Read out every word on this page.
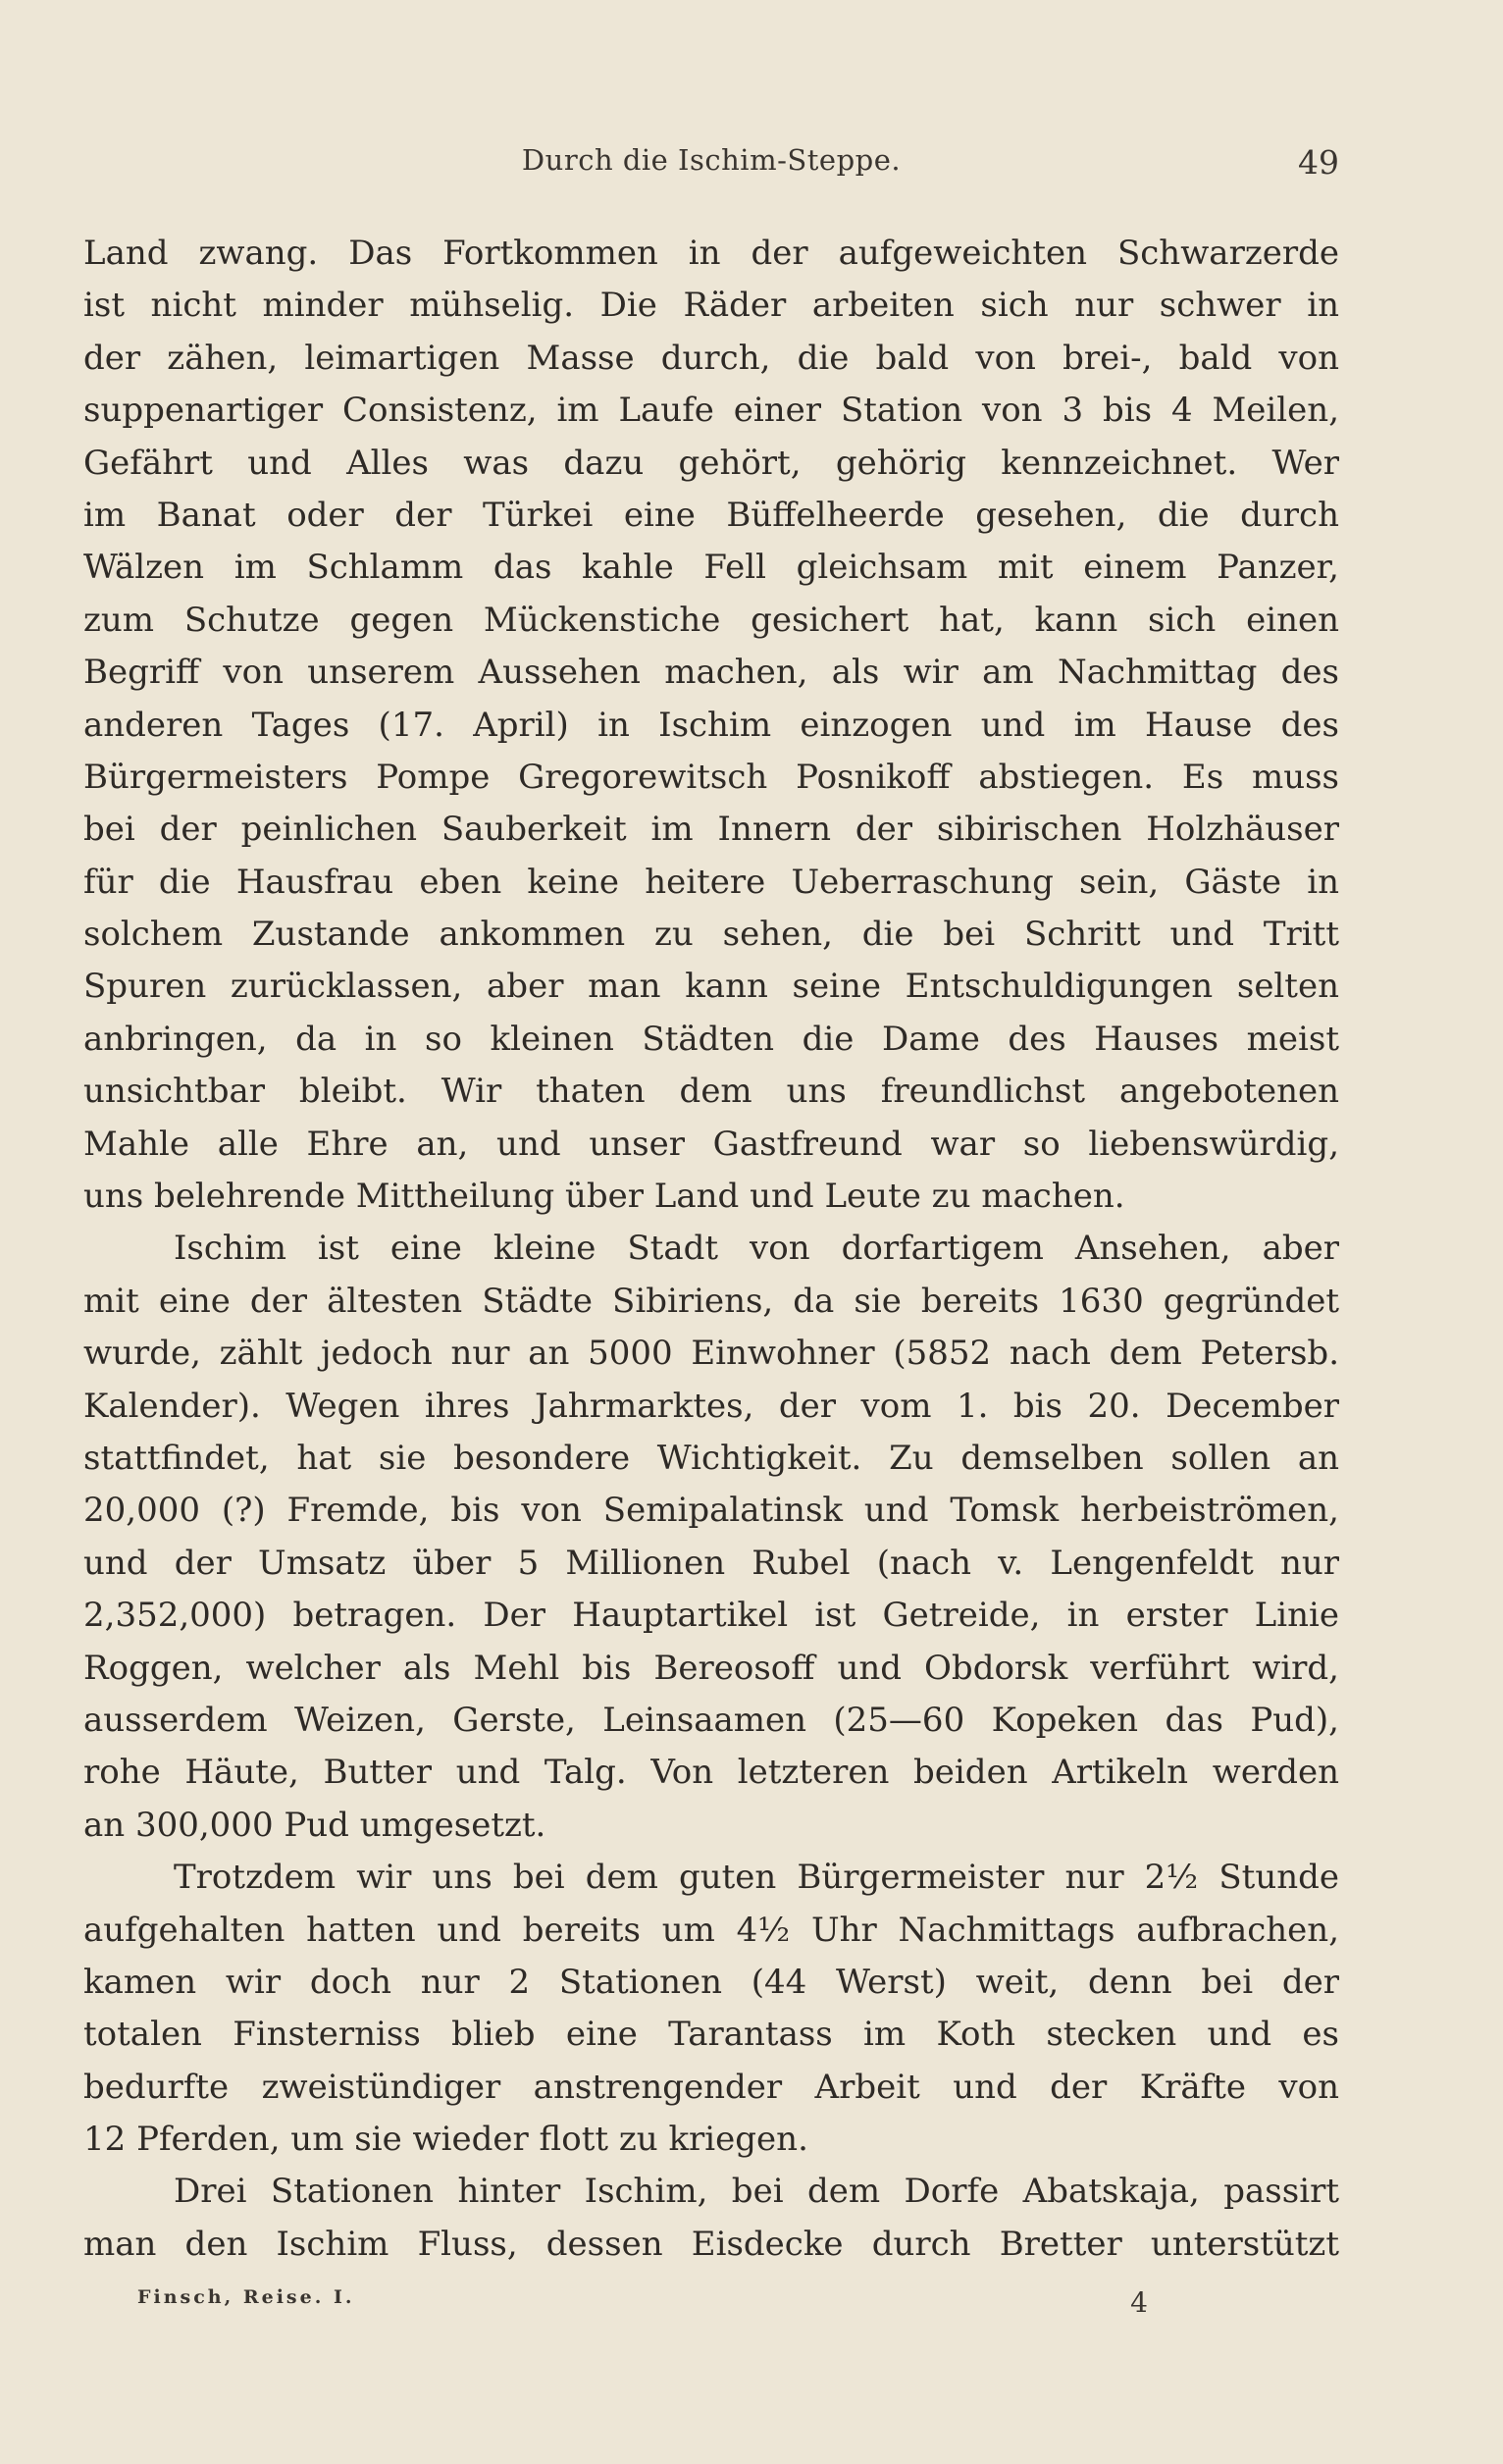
Durch die Ischim-Steppe.	49
Land zwang. Das Fortkommen in der aufgeweichten Schwarzerde
ist nicht minder mühselig. Die Räder arbeiten sich nur schwer in
der zähen, leimartigen Masse durch, die bald von brei-, bald von
suppenartiger Consistenz, im Laufe einer Station von 3 bis 4 Meilen,
Gefährt und Alles was dazu gehört, gehörig kennzeichnet. Wer
im Banat oder der Türkei eine Büffelheerde gesehen, die durch
Wälzen im Schlamm das kahle Fell gleichsam mit einem Panzer,
zum Schutze gegen Mückenstiche gesichert hat, kann sich einen
Begriff von unserem Aussehen machen, als wir am Nachmittag des
anderen Tages (17. April) in Ischim einzogen und im Hause des
Bürgermeisters Pompe Gregorewitsch Posnikoff abstiegen. Es muss
bei der peinlichen Sauberkeit im Innern der sibirischen Holzhäuser
für die Hausfrau eben keine heitere Ueberraschung sein, Gäste in
solchem Zustande ankommen zu sehen, die bei Schritt und Tritt
Spuren zurücklassen, aber man kann seine Entschuldigungen selten
anbringen, da in so kleinen Städten die Dame des Hauses meist
unsichtbar bleibt. Wir thaten dem uns freundlichst angebotenen
Mahle alle Ehre an, und unser Gastfreund war so liebenswürdig,
uns belehrende Mittheilung über Land und Leute zu machen.
Ischim ist eine kleine Stadt von dorfartigem Ansehen, aber
mit eine der ältesten Städte Sibiriens, da sie bereits 1630 gegründet
wurde, zählt jedoch nur an 5000 Einwohner (5852 nach dem Petersb.
Kalender). Wegen ihres Jahrmarktes, der vom 1. bis 20. December
stattfindet, hat sie besondere Wichtigkeit. Zu demselben sollen an
20,000 (?) Fremde, bis von Semipalatinsk und Tomsk herbeiströmen,
und der Umsatz über 5 Millionen Rubel (nach v. Lengenfeldt nur
2,352,000) betragen. Der Hauptartikel ist Getreide, in erster Linie
Roggen, welcher als Mehl bis Bereosoff und Obdorsk verführt wird,
ausserdem Weizen, Gerste, Leinsaamen (25—60 Kopeken das Pud),
rohe Häute, Butter und Talg. Von letzteren beiden Artikeln werden
an 300,000 Pud umgesetzt.
Trotzdem wir uns bei dem guten Bürgermeister nur 2½ Stunde
aufgehalten hatten und bereits um 4½ Uhr Nachmittags aufbrachen,
kamen wir doch nur 2 Stationen (44 Werst) weit, denn bei der
totalen Finsterniss blieb eine Tarantass im Koth stecken und es
bedurfte zweistündiger anstrengender Arbeit und der Kräfte von
12 Pferden, um sie wieder flott zu kriegen.
Drei Stationen hinter Ischim, bei dem Dorfe Abatskaja, passirt
man den Ischim Fluss, dessen Eisdecke durch Bretter unterstützt
Finsch, Reise. I.	4
